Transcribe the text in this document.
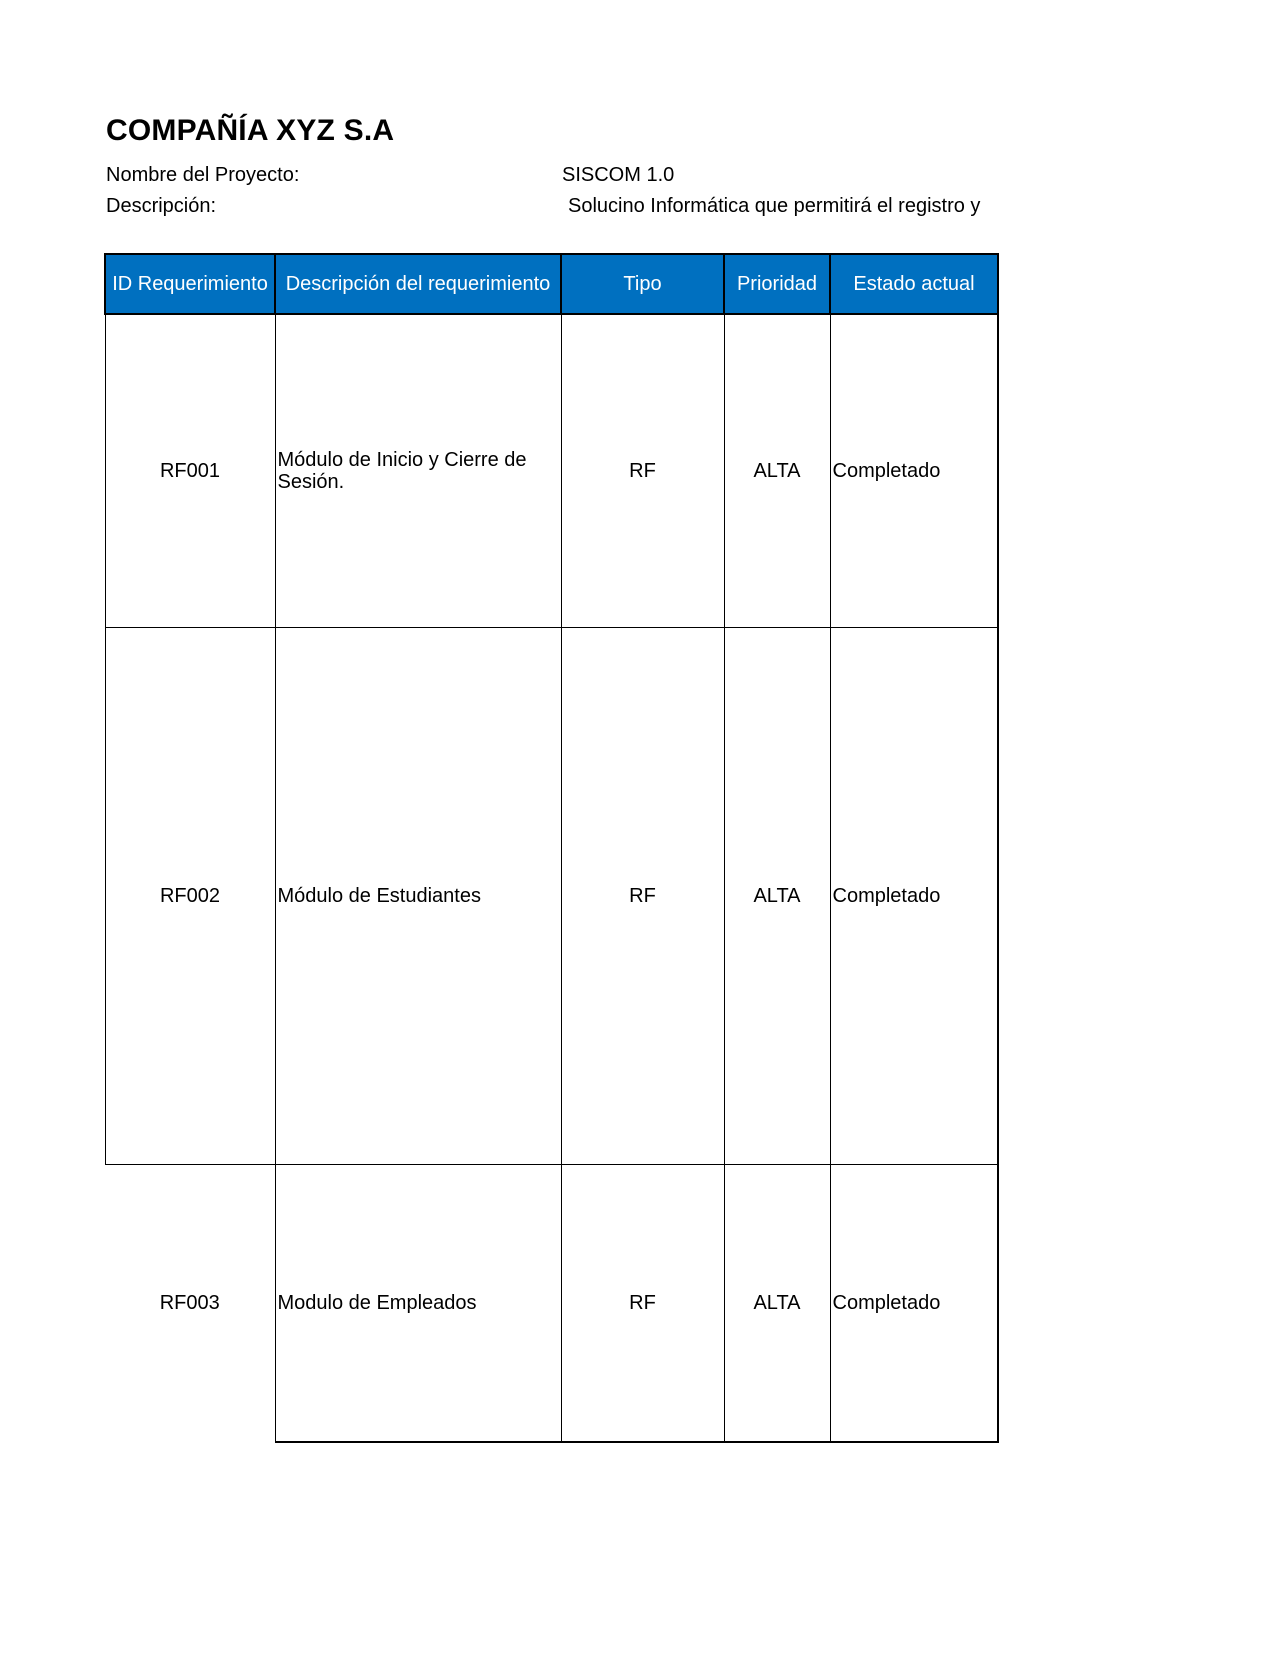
COMPAÑÍA XYZ S.A
Nombre del Proyecto:	SISCOM 1.0
Descripción:	Solucino Informática que permitirá el registro y
ID Requerimiento	Descripción del requerimiento	Tipo	Prioridad	Estado actual
RF001	Módulo de Inicio y Cierre de Sesión.	RF	ALTA	Completado
RF002	Módulo de Estudiantes	RF	ALTA	Completado
RF003	Modulo de Empleados	RF	ALTA	Completado
